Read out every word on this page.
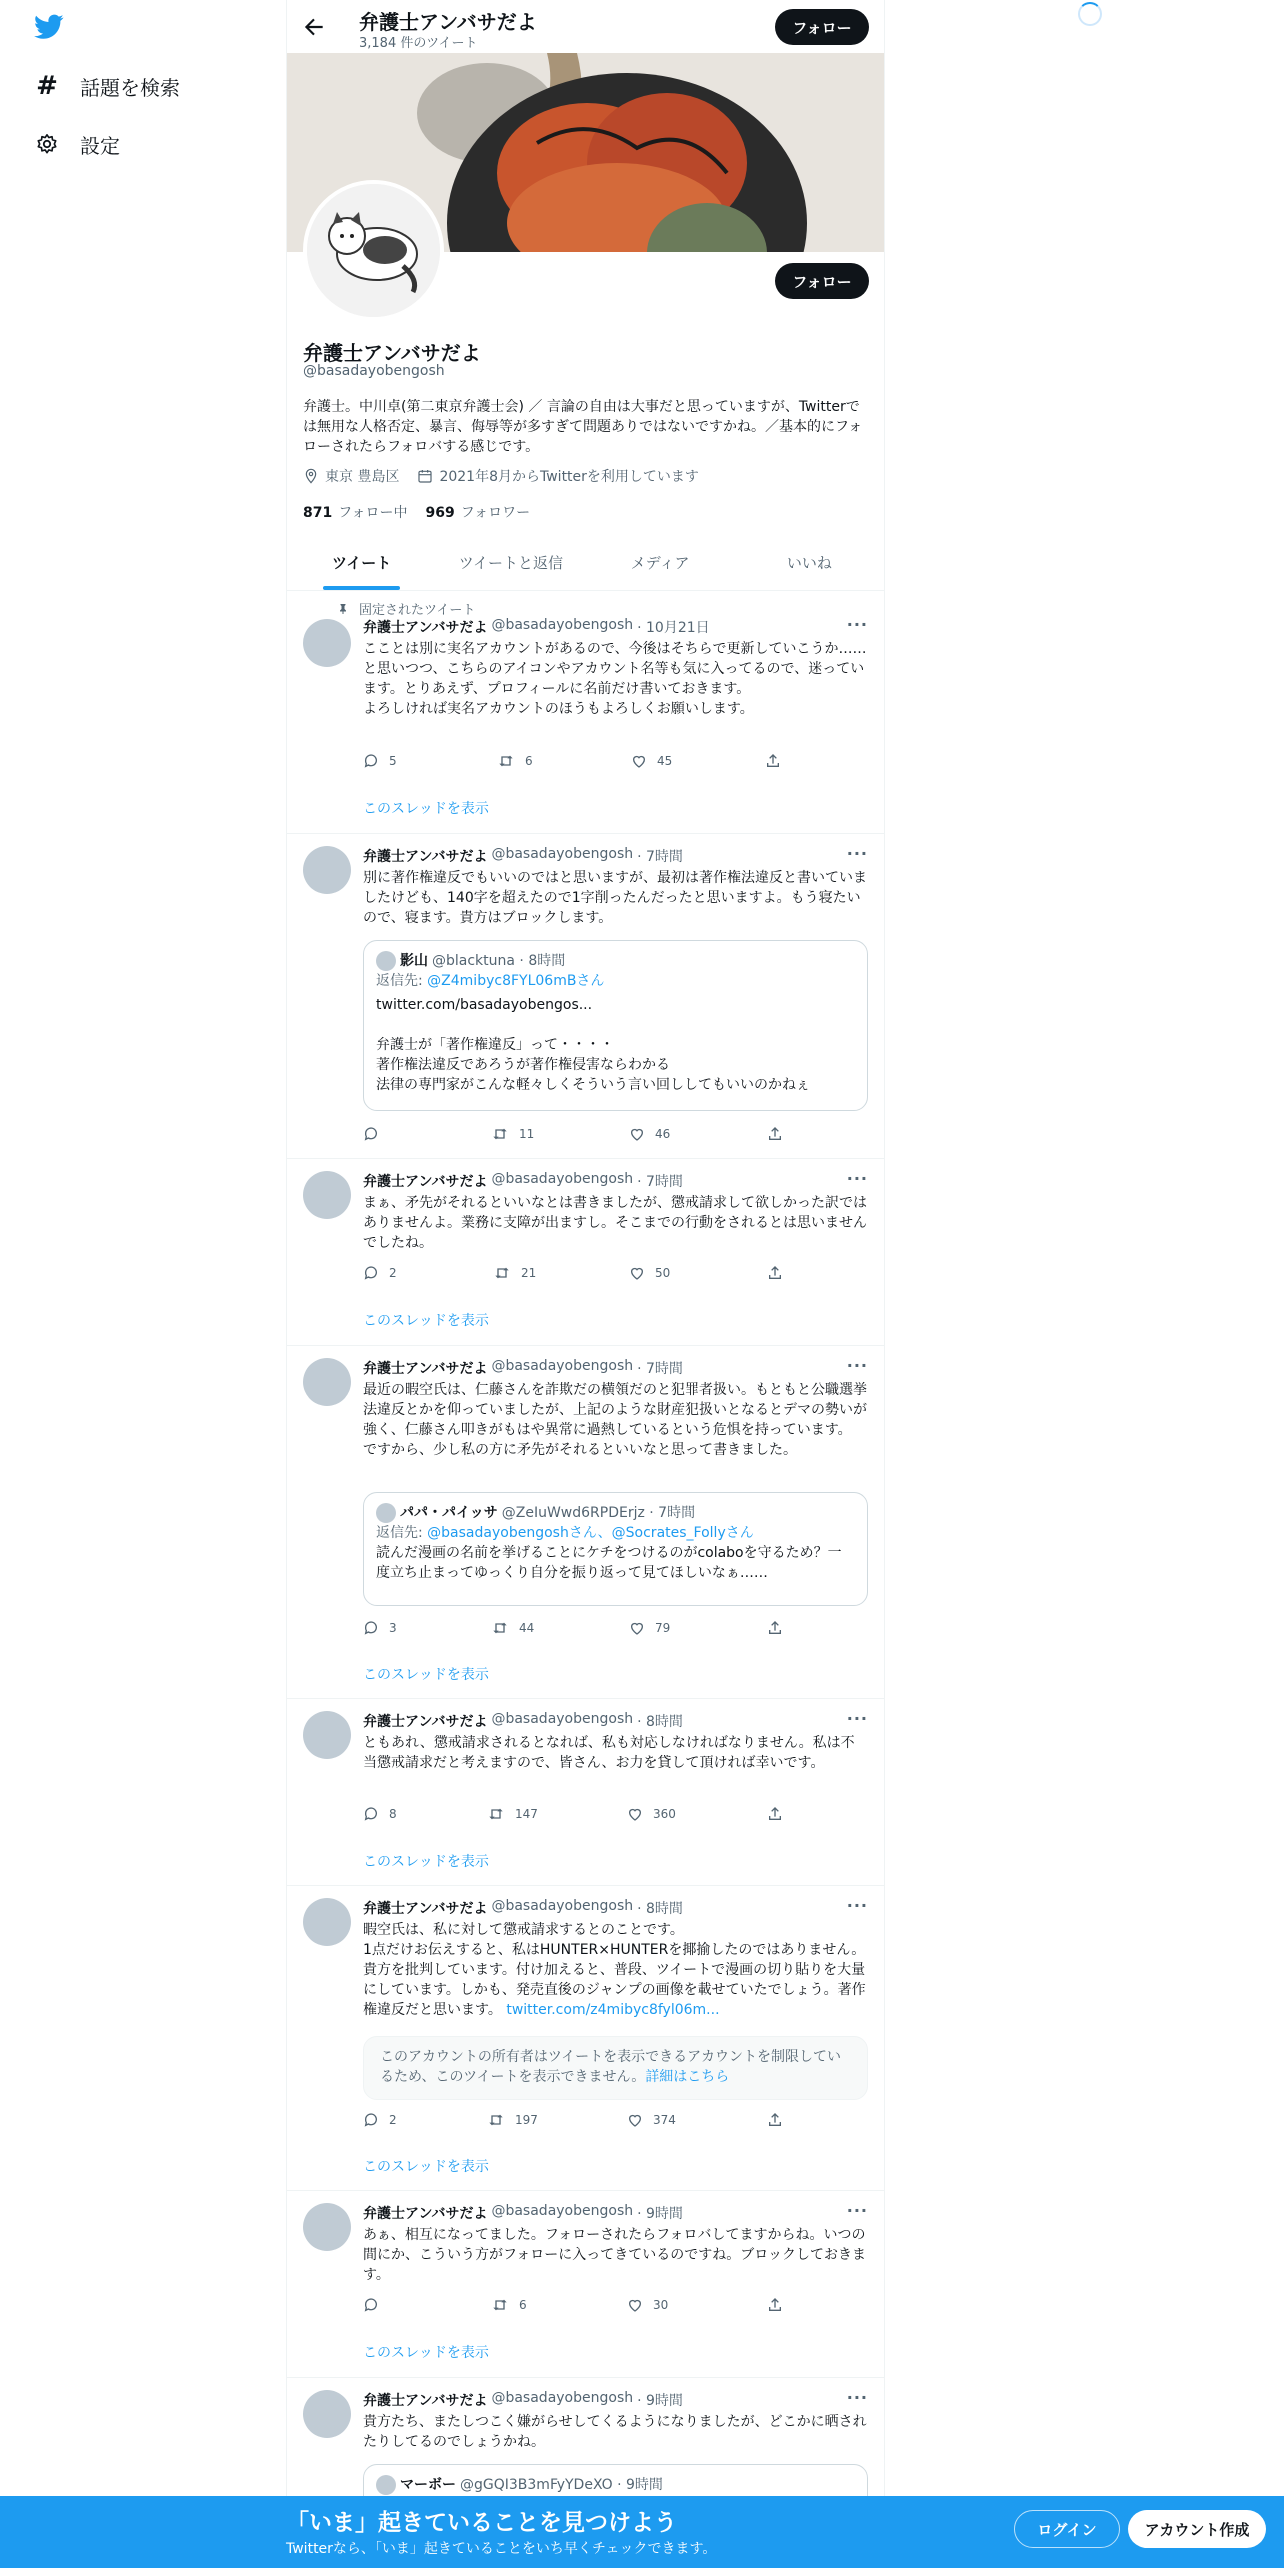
# 話題を検索
設定
弁護士アンバサだよ
3,184 件のツイート
フォロー
フォロー
弁護士アンバサだよ
@basadayobengosh
弁護士。中川卓(第二東京弁護士会) ／ 言論の自由は大事だと思っていますが、Twitterでは無用な人格否定、暴言、侮辱等が多すぎて問題ありではないですかね。／基本的にフォローされたらフォロバする感じです。
東京 豊島区	2021年8月からTwitterを利用しています
871 フォロー中 969 フォロワー
ツイート	ツイートと返信	メディア	いいね
固定されたツイート
弁護士アンバサだよ @basadayobengosh · 10月21日	···
こことは別に実名アカウントがあるので、今後はそちらで更新していこうか……と思いつつ、こちらのアイコンやアカウント名等も気に入ってるので、迷っています。とりあえず、プロフィールに名前だけ書いておきます。
よろしければ実名アカウントのほうもよろしくお願いします。
5	6	45
このスレッドを表示
弁護士アンバサだよ @basadayobengosh · 7時間	···
別に著作権違反でもいいのではと思いますが、最初は著作権法違反と書いていましたけども、140字を超えたので1字削ったんだったと思いますよ。もう寝たいので、寝ます。貴方はブロックします。
影山 @blacktuna · 8時間
返信先: @Z4mibyc8FYL06mBさん
twitter.com/basadayobengos...

弁護士が「著作権違反」って・・・・
著作権法違反であろうが著作権侵害ならわかる
法律の専門家がこんな軽々しくそういう言い回ししてもいいのかねぇ
11	46
弁護士アンバサだよ @basadayobengosh · 7時間	···
まぁ、矛先がそれるといいなとは書きましたが、懲戒請求して欲しかった訳ではありませんよ。業務に支障が出ますし。そこまでの行動をされるとは思いませんでしたね。
2	21	50
このスレッドを表示
弁護士アンバサだよ @basadayobengosh · 7時間	···
最近の暇空氏は、仁藤さんを詐欺だの横領だのと犯罪者扱い。もともと公職選挙法違反とかを仰っていましたが、上記のような財産犯扱いとなるとデマの勢いが強く、仁藤さん叩きがもはや異常に過熱しているという危惧を持っています。
ですから、少し私の方に矛先がそれるといいなと思って書きました。
パパ・パイッサ @ZeIuWwd6RPDErjz · 7時間
返信先: @basadayobengoshさん、@Socrates_Follyさん
読んだ漫画の名前を挙げることにケチをつけるのがcolaboを守るため？一度立ち止まってゆっくり自分を振り返って見てほしいなぁ……
3	44	79
このスレッドを表示
弁護士アンバサだよ @basadayobengosh · 8時間	···
ともあれ、懲戒請求されるとなれば、私も対応しなければなりません。私は不当懲戒請求だと考えますので、皆さん、お力を貸して頂ければ幸いです。
8	147	360
このスレッドを表示
弁護士アンバサだよ @basadayobengosh · 8時間	···
暇空氏は、私に対して懲戒請求するとのことです。
1点だけお伝えすると、私はHUNTER×HUNTERを揶揄したのではありません。貴方を批判しています。付け加えると、普段、ツイートで漫画の切り貼りを大量にしています。しかも、発売直後のジャンプの画像を載せていたでしょう。著作権違反だと思います。 twitter.com/z4mibyc8fyl06m...
このアカウントの所有者はツイートを表示できるアカウントを制限しているため、このツイートを表示できません。詳細はこちら
2	197	374
このスレッドを表示
弁護士アンバサだよ @basadayobengosh · 9時間	···
あぁ、相互になってました。フォローされたらフォロバしてますからね。いつの間にか、こういう方がフォローに入ってきているのですね。ブロックしておきます。
6	30
このスレッドを表示
弁護士アンバサだよ @basadayobengosh · 9時間	···
貴方たち、またしつこく嫌がらせしてくるようになりましたが、どこかに晒されたりしてるのでしょうかね。
マーボー @gGQI3B3mFyYDeXO · 9時間
「いま」起きていることを見つけよう
Twitterなら、「いま」起きていることをいち早くチェックできます。
ログイン	アカウント作成
